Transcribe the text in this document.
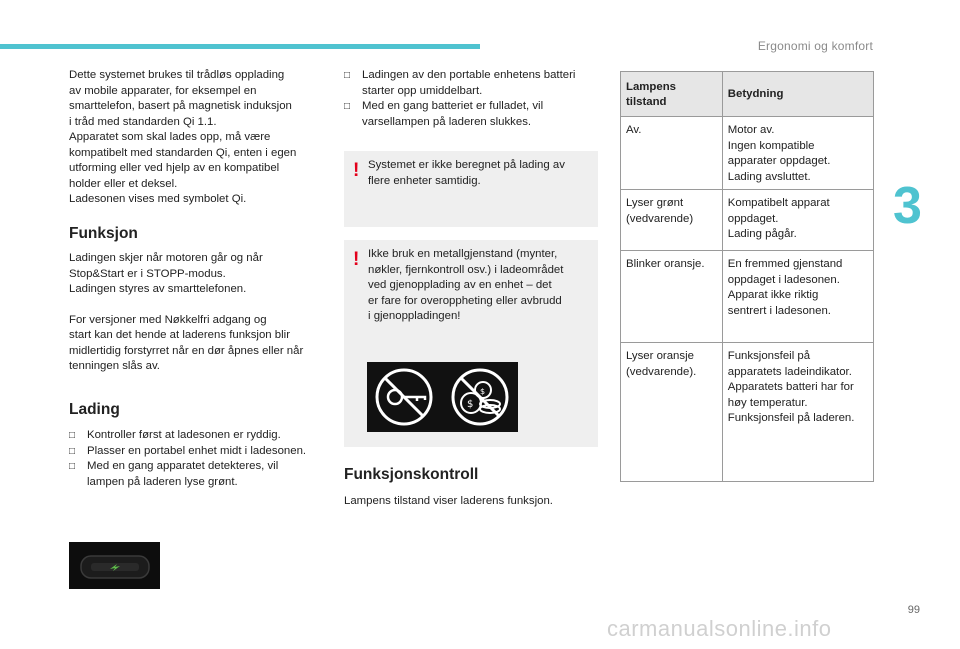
Ergonomi og komfort
3

Dette systemet brukes til trådløs opplading
av mobile apparater, for eksempel en
smarttelefon, basert på magnetisk induksjon
i tråd med standarden Qi 1.1.
Apparatet som skal lades opp, må være
kompatibelt med standarden Qi, enten i egen
utforming eller ved hjelp av en kompatibel
holder eller et deksel.
Ladesonen vises med symbolet Qi.

Funksjon

Ladingen skjer når motoren går og når
Stop&Start er i STOPP-modus.
Ladingen styres av smarttelefonen.

For versjoner med Nøkkelfri adgang og
start kan det hende at laderens funksjon blir
midlertidig forstyrret når en dør åpnes eller når
tenningen slås av.

Lading
□ Kontroller først at ladesonen er ryddig.
□ Plasser en portabel enhet midt i ladesonen.
□ Med en gang apparatet detekteres, vil
lampen på laderen lyse grønt.
□ Ladingen av den portable enhetens batteri
starter opp umiddelbart.
□ Med en gang batteriet er fulladet, vil
varsellampen på laderen slukkes.
! Systemet er ikke beregnet på lading av
flere enheter samtidig.
! Ikke bruk en metallgjenstand (mynter,
nøkler, fjernkontroll osv.) i ladeområdet
ved gjenopplading av en enhet – det
er fare for overoppheting eller avbrudd
i gjenoppladingen!
$
$
Funksjonskontroll

Lampens tilstand viser laderens funksjon.

Lampens
tilstand	Betydning
Av.	Motor av.
Ingen kompatible
apparater oppdaget.
Lading avsluttet.
Lyser grønt
(vedvarende)	Kompatibelt apparat
oppdaget.
Lading pågår.
Blinker oransje.	En fremmed gjenstand
oppdaget i ladesonen.
Apparat ikke riktig
sentrert i ladesonen.
Lyser oransje
(vedvarende).	Funksjonsfeil på
apparatets ladeindikator.
Apparatets batteri har for
høy temperatur.
Funksjonsfeil på laderen.
99
carmanualsonline.info
